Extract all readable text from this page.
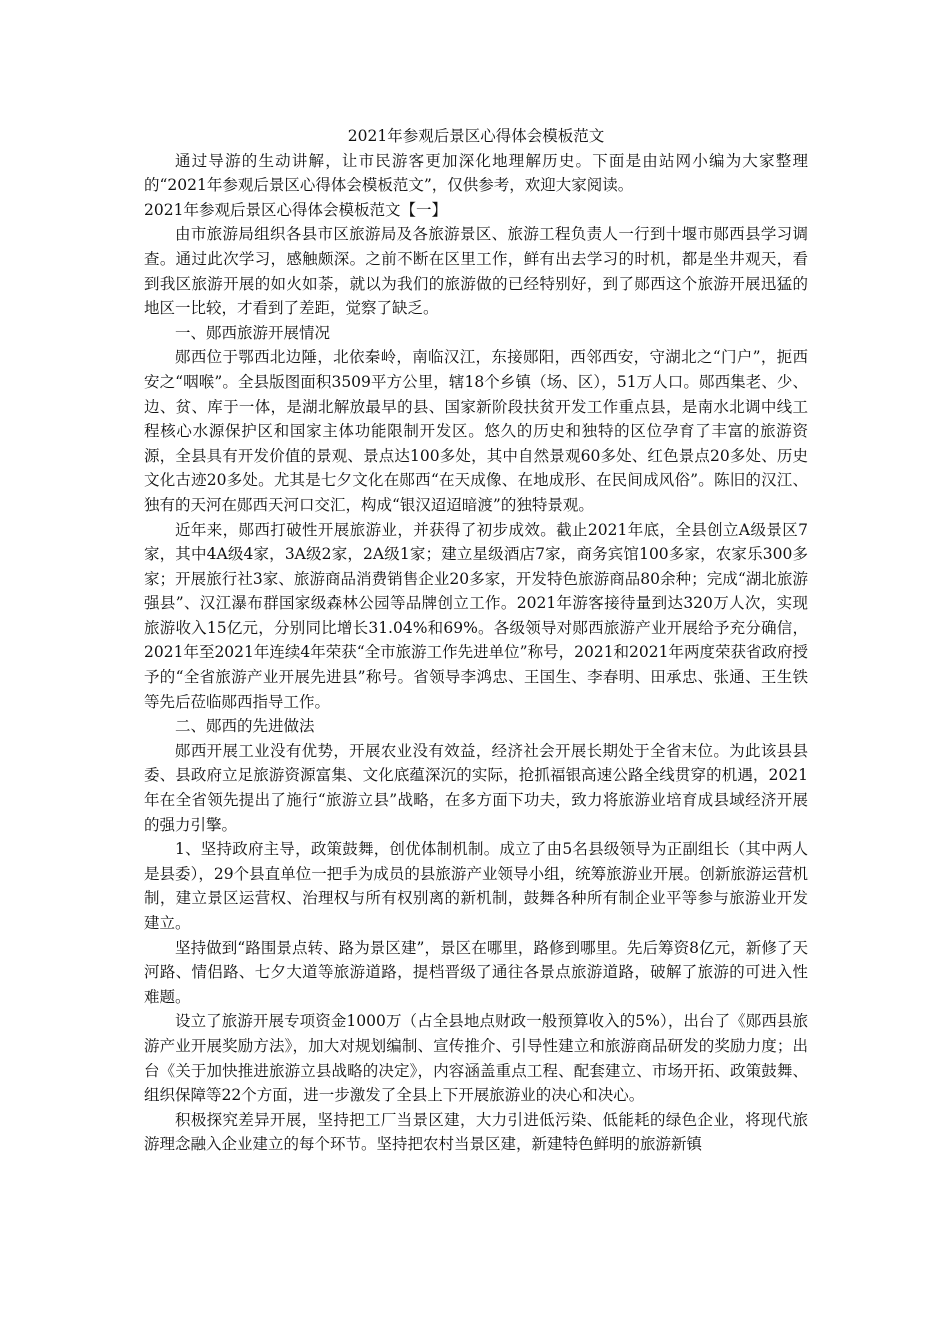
2021年参观后景区心得体会模板范文

通过导游的生动讲解，让市民游客更加深化地理解历史。下面是由站网小编为大家整理的“2021年参观后景区心得体会模板范文”，仅供参考，欢迎大家阅读。

2021年参观后景区心得体会模板范文【一】

由市旅游局组织各县市区旅游局及各旅游景区、旅游工程负责人一行到十堰市郧西县学习调查。通过此次学习，感触颇深。之前不断在区里工作，鲜有出去学习的时机，都是坐井观天，看到我区旅游开展的如火如荼，就以为我们的旅游做的已经特别好，到了郧西这个旅游开展迅猛的地区一比较，才看到了差距，觉察了缺乏。

一、郧西旅游开展情况

郧西位于鄂西北边陲，北依秦岭，南临汉江，东接郧阳，西邻西安，守湖北之“门户”，扼西安之“咽喉”。全县版图面积3509平方公里，辖18个乡镇（场、区），51万人口。郧西集老、少、边、贫、库于一体，是湖北解放最早的县、国家新阶段扶贫开发工作重点县，是南水北调中线工程核心水源保护区和国家主体功能限制开发区。悠久的历史和独特的区位孕育了丰富的旅游资源，全县具有开发价值的景观、景点达100多处，其中自然景观60多处、红色景点20多处、历史文化古迹20多处。尤其是七夕文化在郧西“在天成像、在地成形、在民间成风俗”。陈旧的汉江、独有的天河在郧西天河口交汇，构成“银汉迢迢暗渡”的独特景观。

近年来，郧西打破性开展旅游业，并获得了初步成效。截止2021年底，全县创立A级景区7家，其中4A级4家，3A级2家，2A级1家；建立星级酒店7家，商务宾馆100多家，农家乐300多家；开展旅行社3家、旅游商品消费销售企业20多家，开发特色旅游商品80余种；完成“湖北旅游强县”、汉江瀑布群国家级森林公园等品牌创立工作。2021年游客接待量到达320万人次，实现旅游收入15亿元，分别同比增长31.04%和69%。各级领导对郧西旅游产业开展给予充分确信，2021年至2021年连续4年荣获“全市旅游工作先进单位”称号，2021和2021年两度荣获省政府授予的“全省旅游产业开展先进县”称号。省领导李鸿忠、王国生、李春明、田承忠、张通、王生铁等先后莅临郧西指导工作。

二、郧西的先进做法

郧西开展工业没有优势，开展农业没有效益，经济社会开展长期处于全省末位。为此该县县委、县政府立足旅游资源富集、文化底蕴深沉的实际，抢抓福银高速公路全线贯穿的机遇，2021年在全省领先提出了施行“旅游立县”战略，在多方面下功夫，致力将旅游业培育成县域经济开展的强力引擎。

1、坚持政府主导，政策鼓舞，创优体制机制。成立了由5名县级领导为正副组长（其中两人是县委），29个县直单位一把手为成员的县旅游产业领导小组，统筹旅游业开展。创新旅游运营机制，建立景区运营权、治理权与所有权别离的新机制，鼓舞各种所有制企业平等参与旅游业开发建立。

坚持做到“路围景点转、路为景区建”，景区在哪里，路修到哪里。先后筹资8亿元，新修了天河路、情侣路、七夕大道等旅游道路，提档晋级了通往各景点旅游道路，破解了旅游的可进入性难题。

设立了旅游开展专项资金1000万（占全县地点财政一般预算收入的5%），出台了《郧西县旅游产业开展奖励方法》，加大对规划编制、宣传推介、引导性建立和旅游商品研发的奖励力度；出台《关于加快推进旅游立县战略的决定》，内容涵盖重点工程、配套建立、市场开拓、政策鼓舞、组织保障等22个方面，进一步激发了全县上下开展旅游业的决心和决心。

积极探究差异开展，坚持把工厂当景区建，大力引进低污染、低能耗的绿色企业，将现代旅游理念融入企业建立的每个环节。坚持把农村当景区建，新建特色鲜明的旅游新镇
